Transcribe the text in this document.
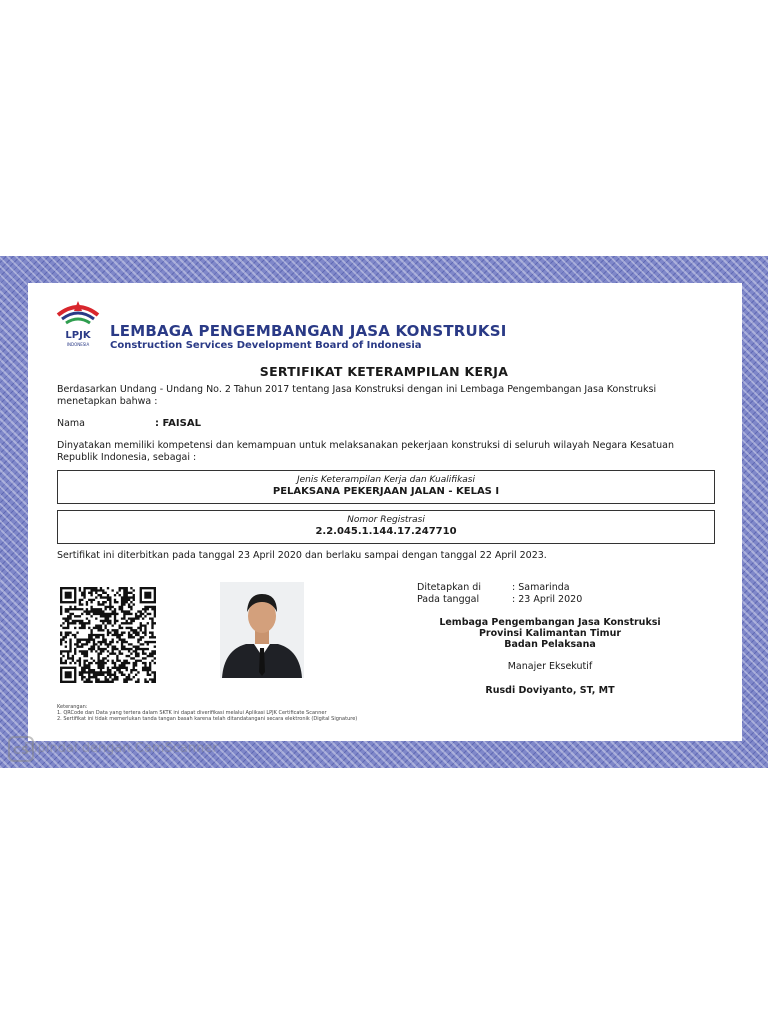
LPJK
INDONESIA
LEMBAGA PENGEMBANGAN JASA KONSTRUKSI
Construction Services Development Board of Indonesia
SERTIFIKAT KETERAMPILAN KERJA
Berdasarkan Undang - Undang No. 2 Tahun 2017 tentang Jasa Konstruksi dengan ini Lembaga Pengembangan Jasa Konstruksi menetapkan bahwa :
Nama	: FAISAL
Dinyatakan memiliki kompetensi dan kemampuan untuk melaksanakan pekerjaan konstruksi di seluruh wilayah Negara Kesatuan Republik Indonesia, sebagai :
Jenis Keterampilan Kerja dan Kualifikasi
PELAKSANA PEKERJAAN JALAN - KELAS I
Nomor Registrasi
2.2.045.1.144.17.247710
Sertifikat ini diterbitkan pada tanggal 23 April 2020 dan berlaku sampai dengan tanggal 22 April 2023.
Ditetapkan di	: Samarinda
Pada tanggal	: 23 April 2020
Lembaga Pengembangan Jasa Konstruksi
Provinsi Kalimantan Timur
Badan Pelaksana
Manajer Eksekutif
Rusdi Doviyanto, ST, MT
Keterangan:
1. QRCode dan Data yang tertera dalam SKTK ini dapat diverifikasi melalui Aplikasi LPJK Certificate Scanner
2. Sertifikat ini tidak memerlukan tanda tangan basah karena telah ditandatangani secara elektronik (Digital Signature)
CS
Dipindai dengan CamScanner
